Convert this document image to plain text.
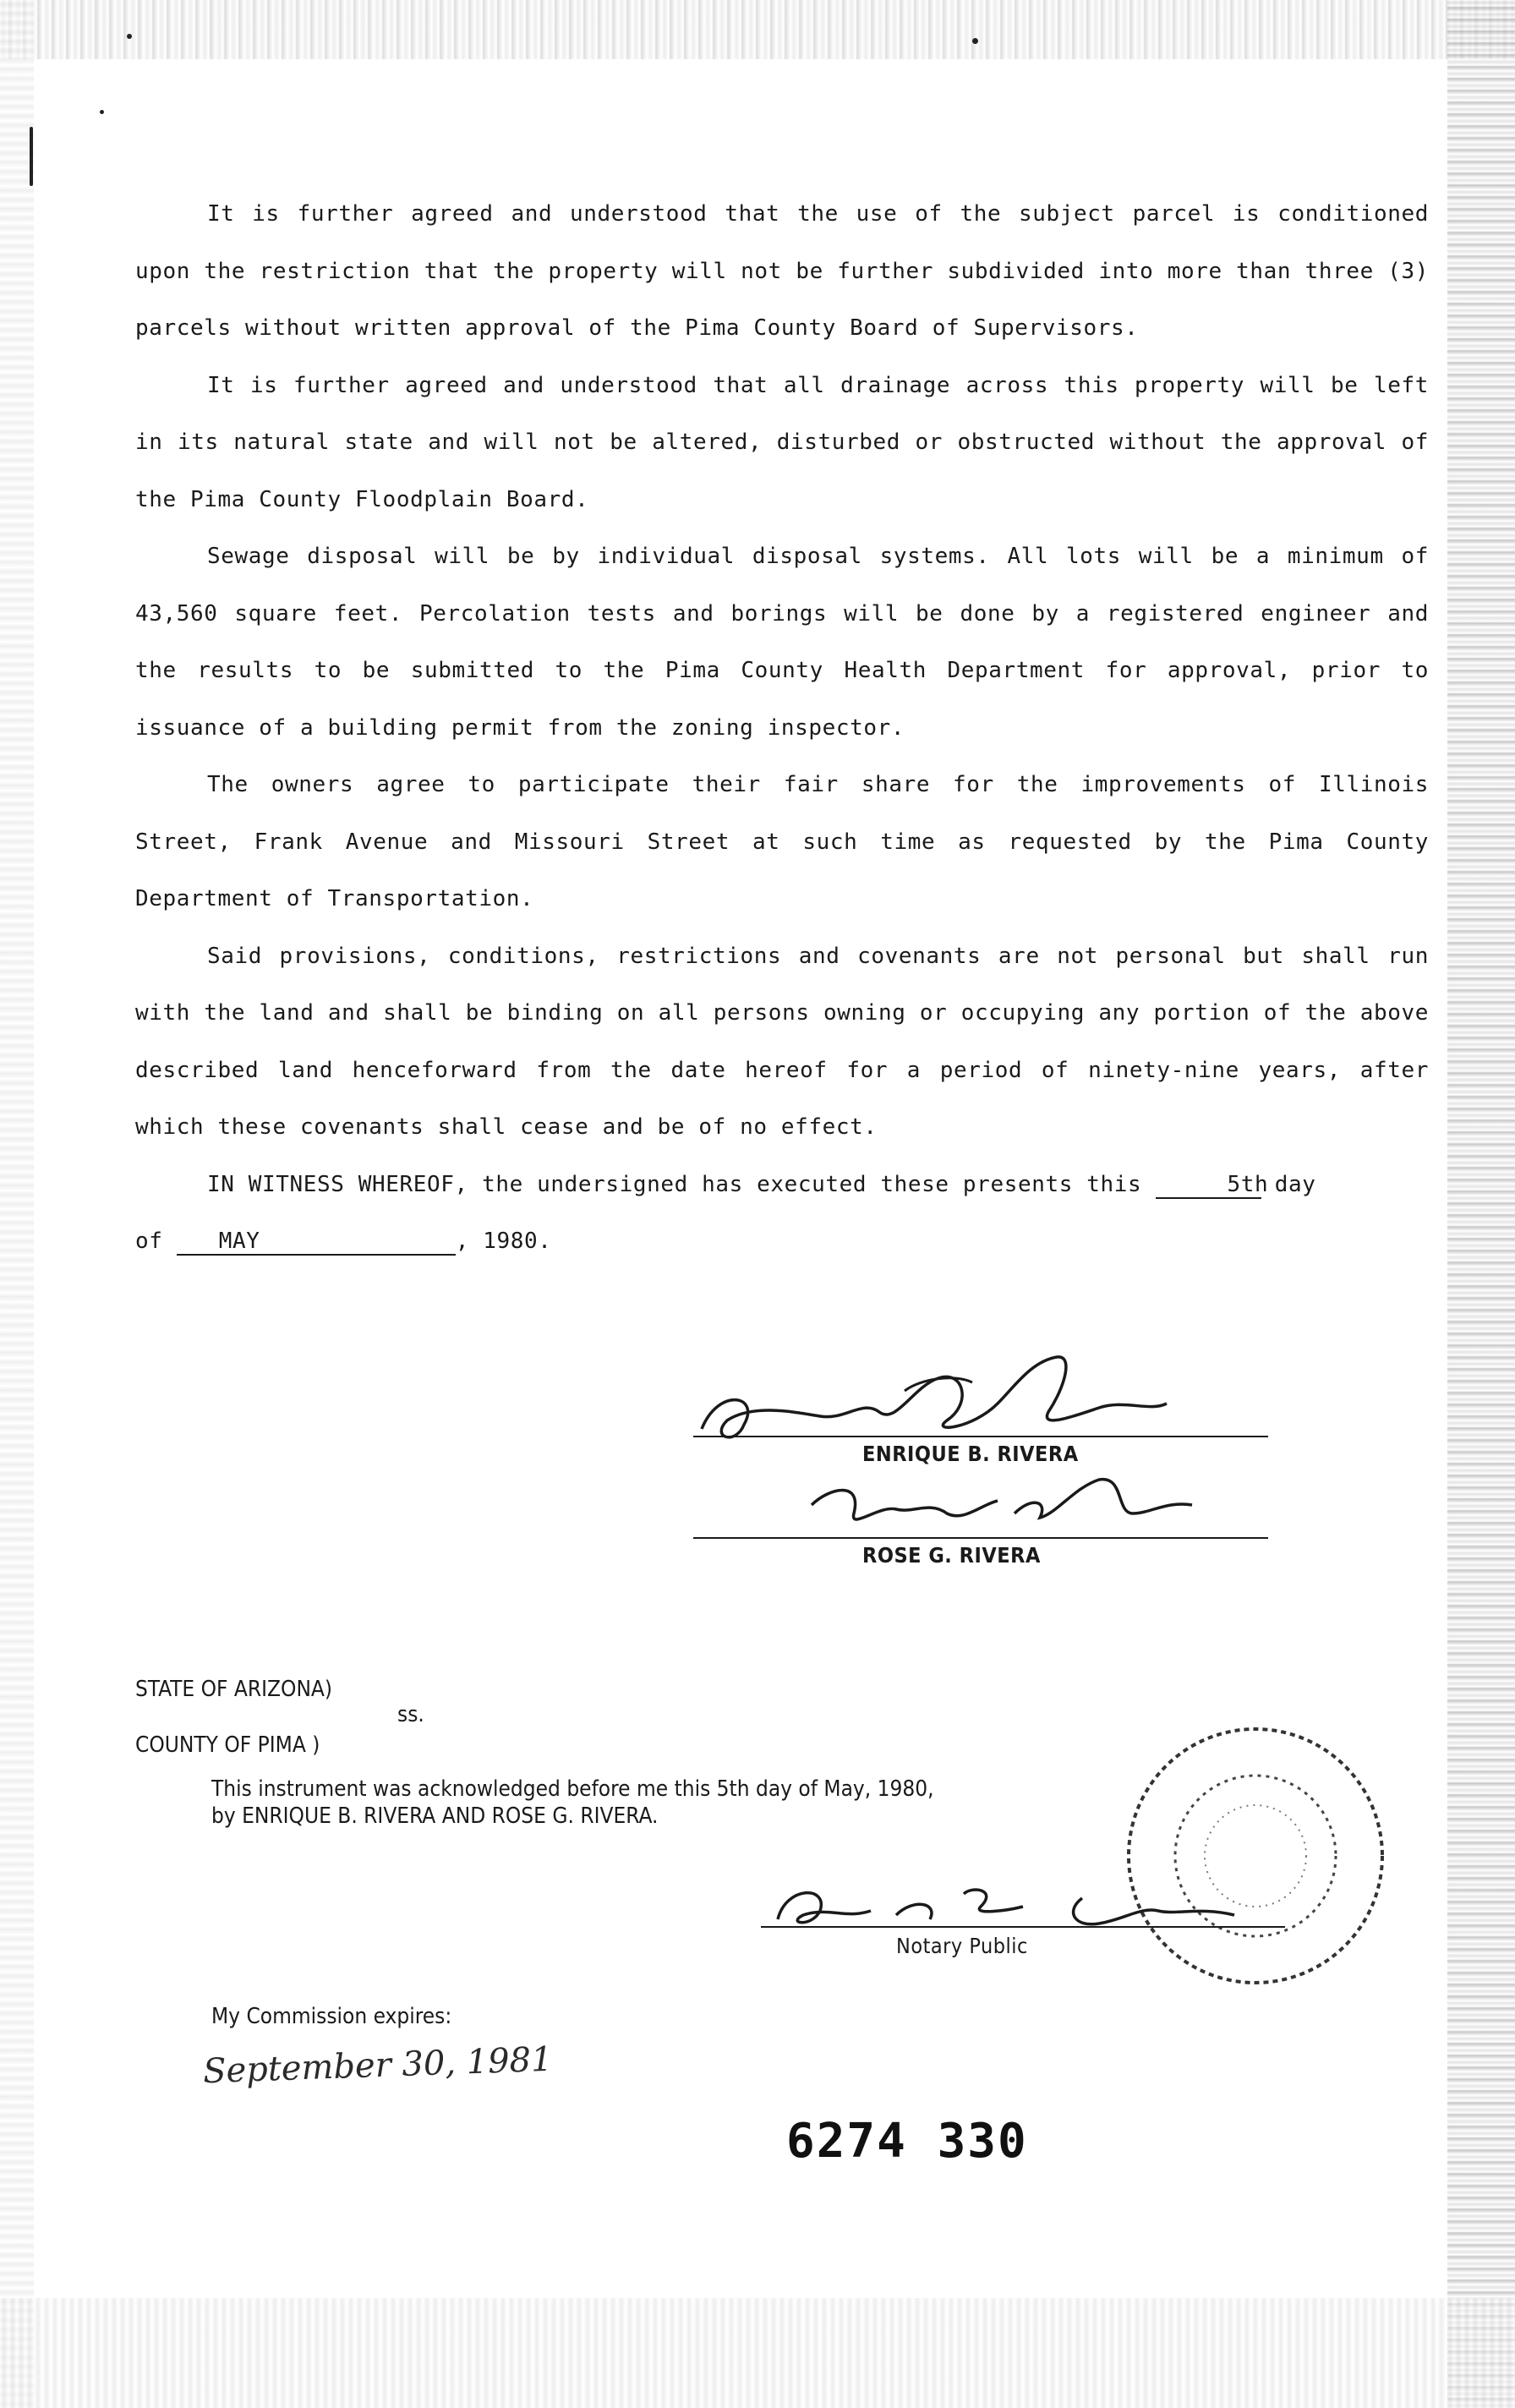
It is further agreed and understood that the use of the subject parcel is conditioned upon the restriction that the property will not be further subdivided into more than three (3) parcels without written approval of the Pima County Board of Supervisors.

It is further agreed and understood that all drainage across this property will be left in its natural state and will not be altered, disturbed or obstructed without the approval of the Pima County Floodplain Board.

Sewage disposal will be by individual disposal systems. All lots will be a minimum of 43,560 square feet. Percolation tests and borings will be done by a registered engineer and the results to be submitted to the Pima County Health Department for approval, prior to issuance of a building permit from the zoning inspector.

The owners agree to participate their fair share for the improvements of Illinois Street, Frank Avenue and Missouri Street at such time as requested by the Pima County Department of Transportation.

Said provisions, conditions, restrictions and covenants are not personal but shall run with the land and shall be binding on all persons owning or occupying any portion of the above described land henceforward from the date hereof for a period of ninety-nine years, after which these covenants shall cease and be of no effect.

IN WITNESS WHEREOF, the undersigned has executed these presents this	5th day

of	MAY	, 1980.

ENRIQUE B. RIVERA
ROSE G. RIVERA
STATE OF ARIZONA)
COUNTY OF PIMA )
ss.
This instrument was acknowledged before me this 5th day of May, 1980,
by ENRIQUE B. RIVERA AND ROSE G. RIVERA.
Notary Public
My Commission expires:
September 30, 1981
6274 330
